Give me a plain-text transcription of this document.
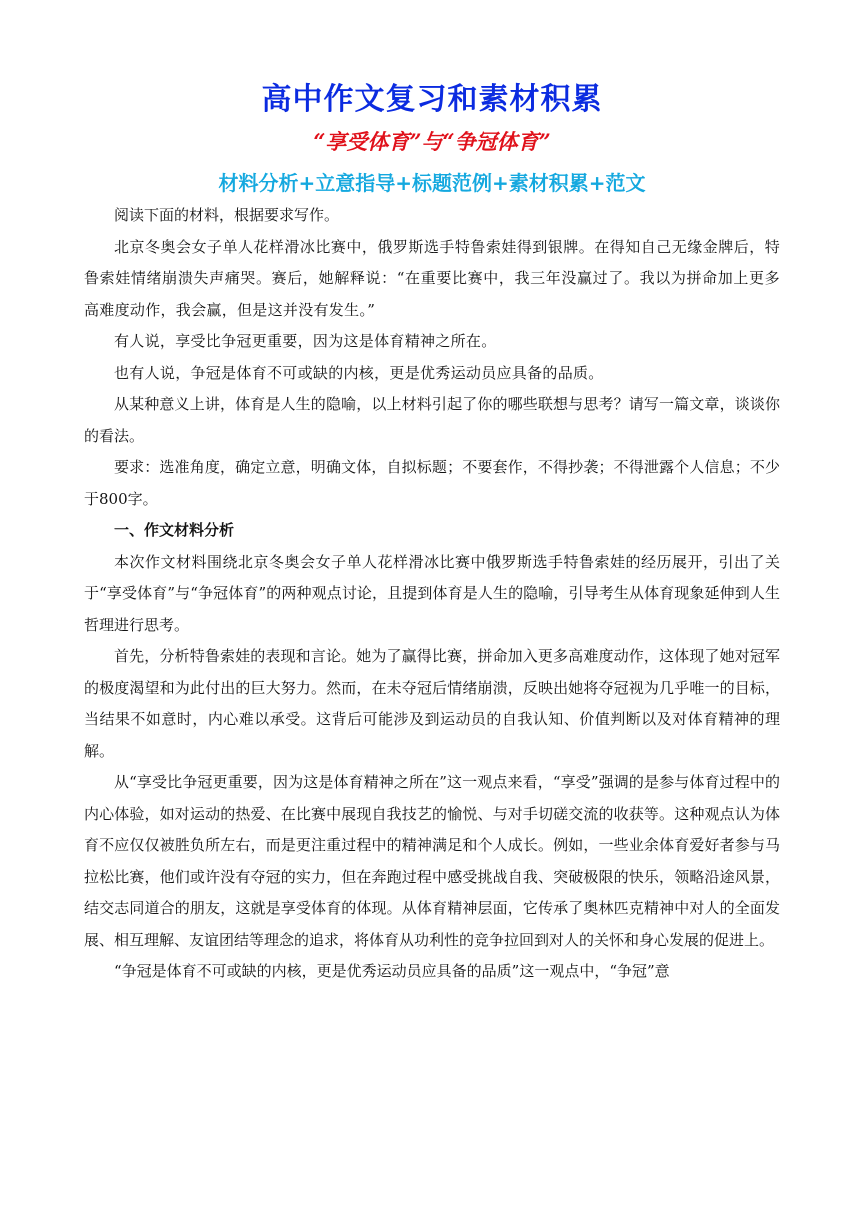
高中作文复习和素材积累
“享受体育”与“争冠体育”
材料分析+立意指导+标题范例+素材积累+范文

阅读下面的材料，根据要求写作。

北京冬奥会女子单人花样滑冰比赛中，俄罗斯选手特鲁索娃得到银牌。在得知自己无缘金牌后，特鲁索娃情绪崩溃失声痛哭。赛后，她解释说：“在重要比赛中，我三年没赢过了。我以为拼命加上更多高难度动作，我会赢，但是这并没有发生。”

有人说，享受比争冠更重要，因为这是体育精神之所在。

也有人说，争冠是体育不可或缺的内核，更是优秀运动员应具备的品质。

从某种意义上讲，体育是人生的隐喻，以上材料引起了你的哪些联想与思考？请写一篇文章，谈谈你的看法。

要求：选准角度，确定立意，明确文体，自拟标题；不要套作，不得抄袭；不得泄露个人信息；不少于800字。

一、作文材料分析

本次作文材料围绕北京冬奥会女子单人花样滑冰比赛中俄罗斯选手特鲁索娃的经历展开，引出了关于“享受体育”与“争冠体育”的两种观点讨论，且提到体育是人生的隐喻，引导考生从体育现象延伸到人生哲理进行思考。

首先，分析特鲁索娃的表现和言论。她为了赢得比赛，拼命加入更多高难度动作，这体现了她对冠军的极度渴望和为此付出的巨大努力。然而，在未夺冠后情绪崩溃，反映出她将夺冠视为几乎唯一的目标，当结果不如意时，内心难以承受。这背后可能涉及到运动员的自我认知、价值判断以及对体育精神的理解。

从“享受比争冠更重要，因为这是体育精神之所在”这一观点来看，“享受”强调的是参与体育过程中的内心体验，如对运动的热爱、在比赛中展现自我技艺的愉悦、与对手切磋交流的收获等。这种观点认为体育不应仅仅被胜负所左右，而是更注重过程中的精神满足和个人成长。例如，一些业余体育爱好者参与马拉松比赛，他们或许没有夺冠的实力，但在奔跑过程中感受挑战自我、突破极限的快乐，领略沿途风景，结交志同道合的朋友，这就是享受体育的体现。从体育精神层面，它传承了奥林匹克精神中对人的全面发展、相互理解、友谊团结等理念的追求，将体育从功利性的竞争拉回到对人的关怀和身心发展的促进上。

“争冠是体育不可或缺的内核，更是优秀运动员应具备的品质”这一观点中，“争冠”意
